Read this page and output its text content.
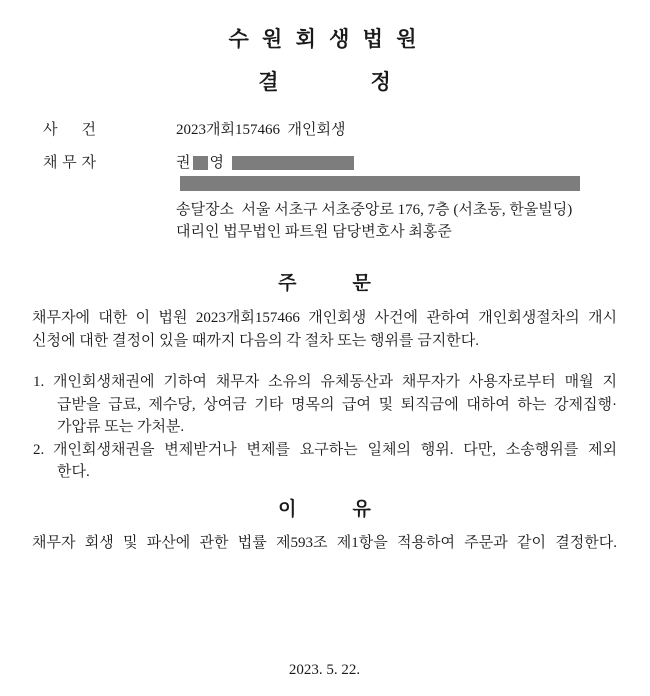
수 원 회 생 법 원
결	정
사 건	2023개회157466  개인회생
채 무 자	권 영
송달장소  서울 서초구 서초중앙로 176, 7층 (서초동, 한울빌딩)
대리인 법무법인 파트원 담당변호사 최홍준
주	문
채무자에 대한 이 법원 2023개회157466 개인회생 사건에 관하여 개인회생절차의 개시
신청에 대한 결정이 있을 때까지 다음의 각 절차 또는 행위를 금지한다.
1. 개인회생채권에 기하여 채무자 소유의 유체동산과 채무자가 사용자로부터 매월 지
급받을 급료, 제수당, 상여금 기타 명목의 급여 및 퇴직금에 대하여 하는 강제집행·
가압류 또는 가처분.
2. 개인회생채권을 변제받거나 변제를 요구하는 일체의 행위. 다만, 소송행위를 제외
한다.
이	유
채무자 회생 및 파산에 관한 법률 제593조 제1항을 적용하여 주문과 같이 결정한다.
2023. 5. 22.
